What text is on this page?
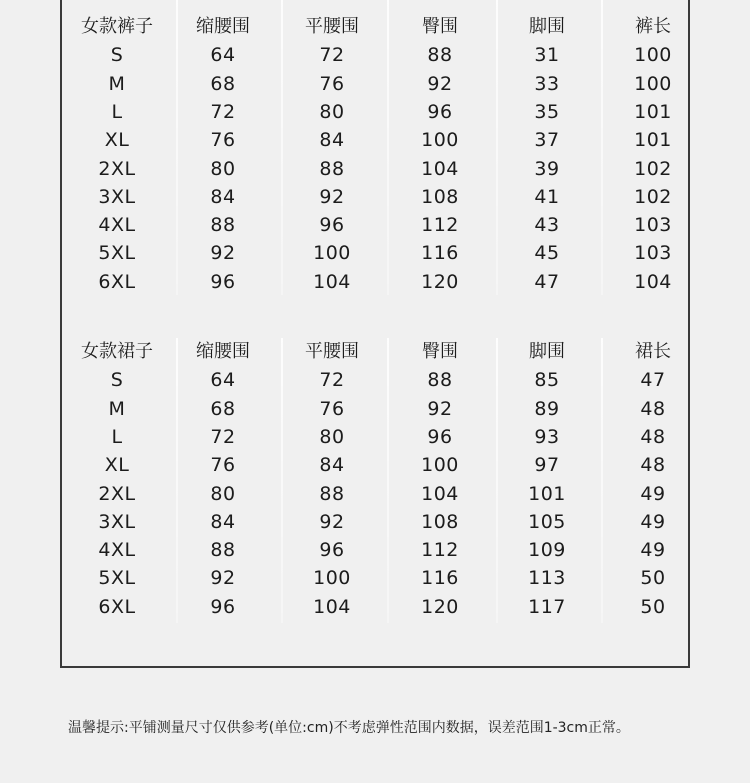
女款裤子	缩腰围	平腰围	臀围	脚围	裤长
S	64	72	88	31	100
M	68	76	92	33	100
L	72	80	96	35	101
XL	76	84	100	37	101
2XL	80	88	104	39	102
3XL	84	92	108	41	102
4XL	88	96	112	43	103
5XL	92	100	116	45	103
6XL	96	104	120	47	104
女款裙子	缩腰围	平腰围	臀围	脚围	裙长
S	64	72	88	85	47
M	68	76	92	89	48
L	72	80	96	93	48
XL	76	84	100	97	48
2XL	80	88	104	101	49
3XL	84	92	108	105	49
4XL	88	96	112	109	49
5XL	92	100	116	113	50
6XL	96	104	120	117	50
温馨提示:平铺测量尺寸仅供参考(单位:cm)不考虑弹性范围内数据，误差范围1-3cm正常。
